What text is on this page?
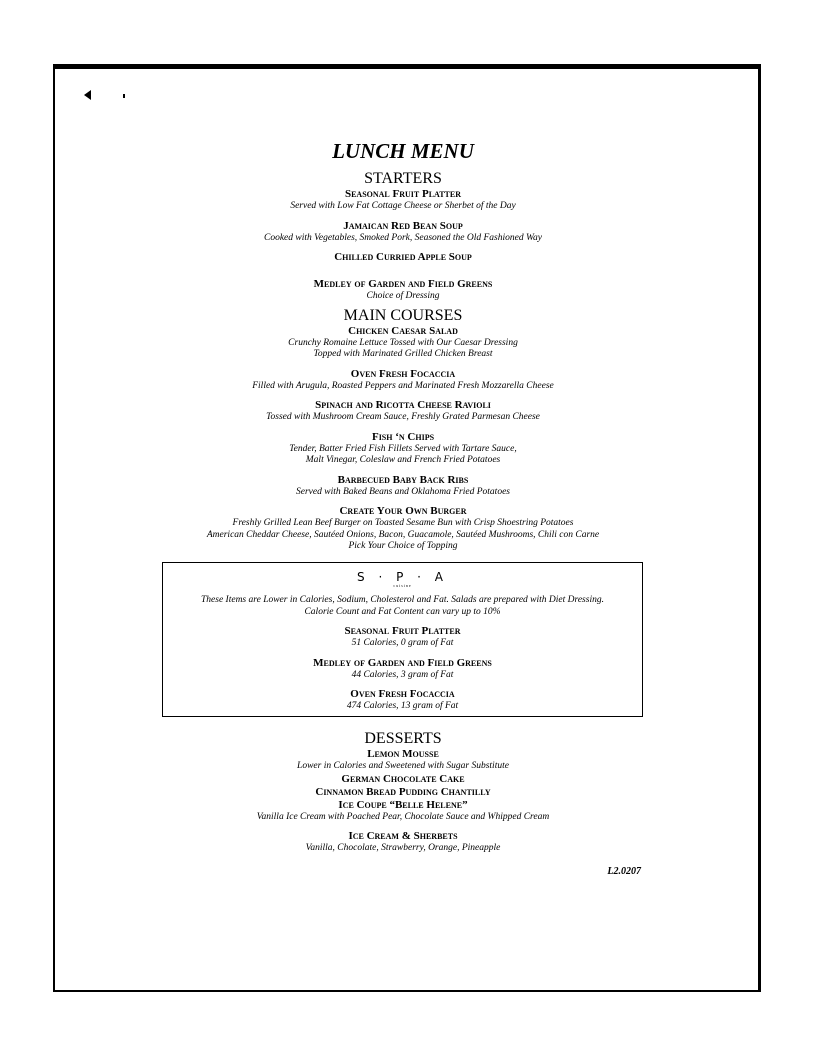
LUNCH MENU
STARTERS
Seasonal Fruit Platter
Served with Low Fat Cottage Cheese or Sherbet of the Day
Jamaican Red Bean Soup
Cooked with Vegetables, Smoked Pork, Seasoned the Old Fashioned Way
Chilled Curried Apple Soup
Medley of Garden and Field Greens
Choice of Dressing
MAIN COURSES
Chicken Caesar Salad
Crunchy Romaine Lettuce Tossed with Our Caesar Dressing
Topped with Marinated Grilled Chicken Breast
Oven Fresh Focaccia
Filled with Arugula, Roasted Peppers and Marinated Fresh Mozzarella Cheese
Spinach and Ricotta Cheese Ravioli
Tossed with Mushroom Cream Sauce, Freshly Grated Parmesan Cheese
Fish ‘n Chips
Tender, Batter Fried Fish Fillets Served with Tartare Sauce,
Malt Vinegar, Coleslaw and French Fried Potatoes
Barbecued Baby Back Ribs
Served with Baked Beans and Oklahoma Fried Potatoes
Create Your Own Burger
Freshly Grilled Lean Beef Burger on Toasted Sesame Bun with Crisp Shoestring Potatoes
American Cheddar Cheese, Sautéed Onions, Bacon, Guacamole, Sautéed Mushrooms, Chili con Carne
Pick Your Choice of Topping
S · P · A
cuisine
These Items are Lower in Calories, Sodium, Cholesterol and Fat. Salads are prepared with Diet Dressing.
Calorie Count and Fat Content can vary up to 10%
Seasonal Fruit Platter
51 Calories, 0 gram of Fat
Medley of Garden and Field Greens
44 Calories, 3 gram of Fat
Oven Fresh Focaccia
474 Calories, 13 gram of Fat
DESSERTS
Lemon Mousse
Lower in Calories and Sweetened with Sugar Substitute
German Chocolate Cake
Cinnamon Bread Pudding Chantilly
Ice Coupe “Belle Helene”
Vanilla Ice Cream with Poached Pear, Chocolate Sauce and Whipped Cream
Ice Cream & Sherbets
Vanilla, Chocolate, Strawberry, Orange, Pineapple
L2.0207
